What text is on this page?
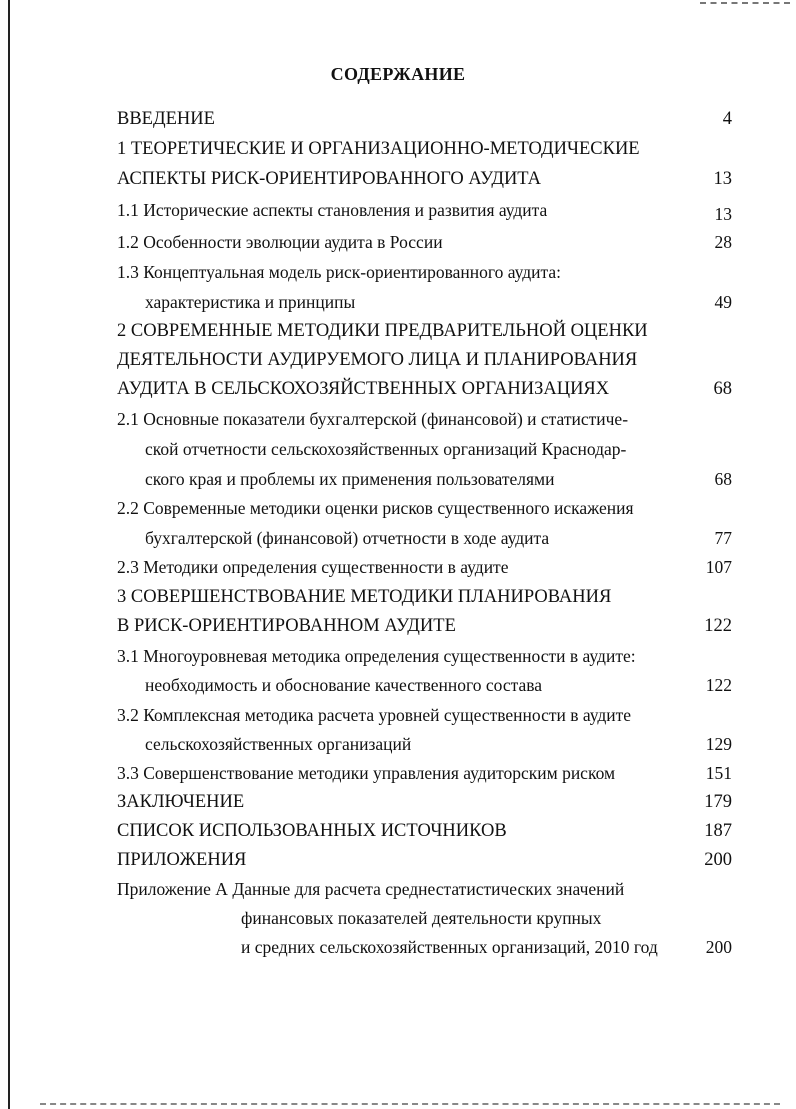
СОДЕРЖАНИЕ
ВВЕДЕНИЕ	4
1 ТЕОРЕТИЧЕСКИЕ И ОРГАНИЗАЦИОННО-МЕТОДИЧЕСКИЕ
АСПЕКТЫ РИСК-ОРИЕНТИРОВАННОГО АУДИТА	13
1.1 Исторические аспекты становления и развития аудита	13
1.2 Особенности эволюции аудита в России	28
1.3 Концептуальная модель риск-ориентированного аудита:
характеристика и принципы	49
2 СОВРЕМЕННЫЕ МЕТОДИКИ ПРЕДВАРИТЕЛЬНОЙ ОЦЕНКИ
ДЕЯТЕЛЬНОСТИ АУДИРУЕМОГО ЛИЦА И ПЛАНИРОВАНИЯ
АУДИТА В СЕЛЬСКОХОЗЯЙСТВЕННЫХ ОРГАНИЗАЦИЯХ	68
2.1 Основные показатели бухгалтерской (финансовой) и статистиче-
ской отчетности сельскохозяйственных организаций Краснодар-
ского края и проблемы их применения пользователями	68
2.2 Современные методики оценки рисков существенного искажения
бухгалтерской (финансовой) отчетности в ходе аудита	77
2.3 Методики определения существенности в аудите	107
3 СОВЕРШЕНСТВОВАНИЕ МЕТОДИКИ ПЛАНИРОВАНИЯ
В РИСК-ОРИЕНТИРОВАННОМ АУДИТЕ	122
3.1 Многоуровневая методика определения существенности в аудите:
необходимость и обоснование качественного состава	122
3.2 Комплексная методика расчета уровней существенности в аудите
сельскохозяйственных организаций	129
3.3 Совершенствование методики управления аудиторским риском	151
ЗАКЛЮЧЕНИЕ	179
СПИСОК ИСПОЛЬЗОВАННЫХ ИСТОЧНИКОВ	187
ПРИЛОЖЕНИЯ	200
Приложение А Данные для расчета среднестатистических значений
финансовых показателей деятельности крупных
и средних сельскохозяйственных организаций, 2010 год	200
